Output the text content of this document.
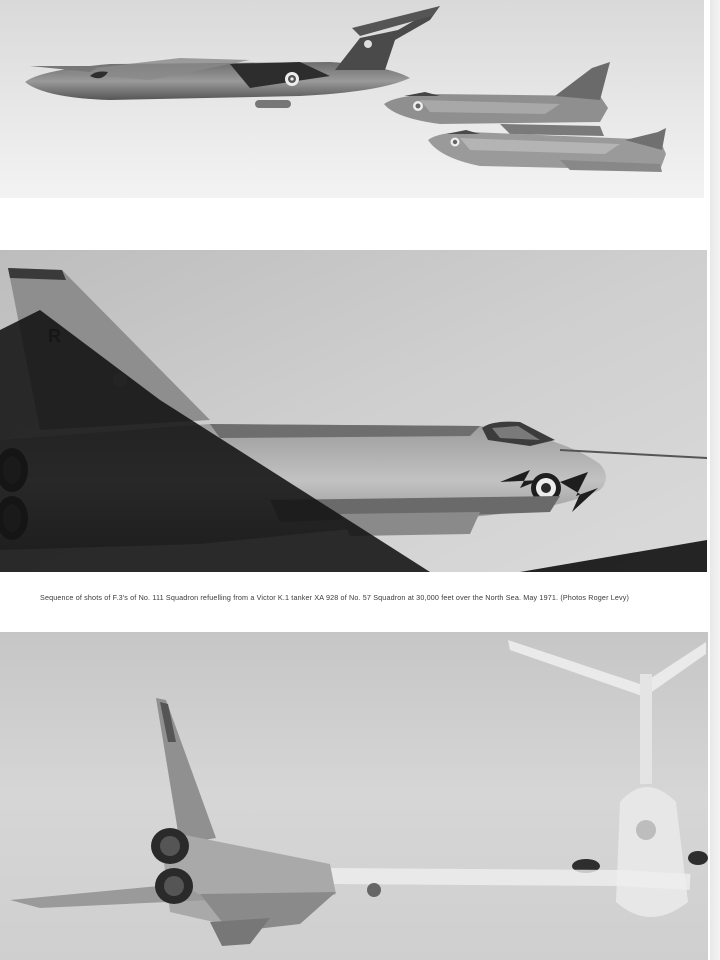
Sequence of shots of F.3's of No. 111 Squadron refuelling from a Victor K.1 tanker XA 928 of No. 57 Squadron at 30,000 feet over the North Sea. May 1971. (Photos Roger Levy)
